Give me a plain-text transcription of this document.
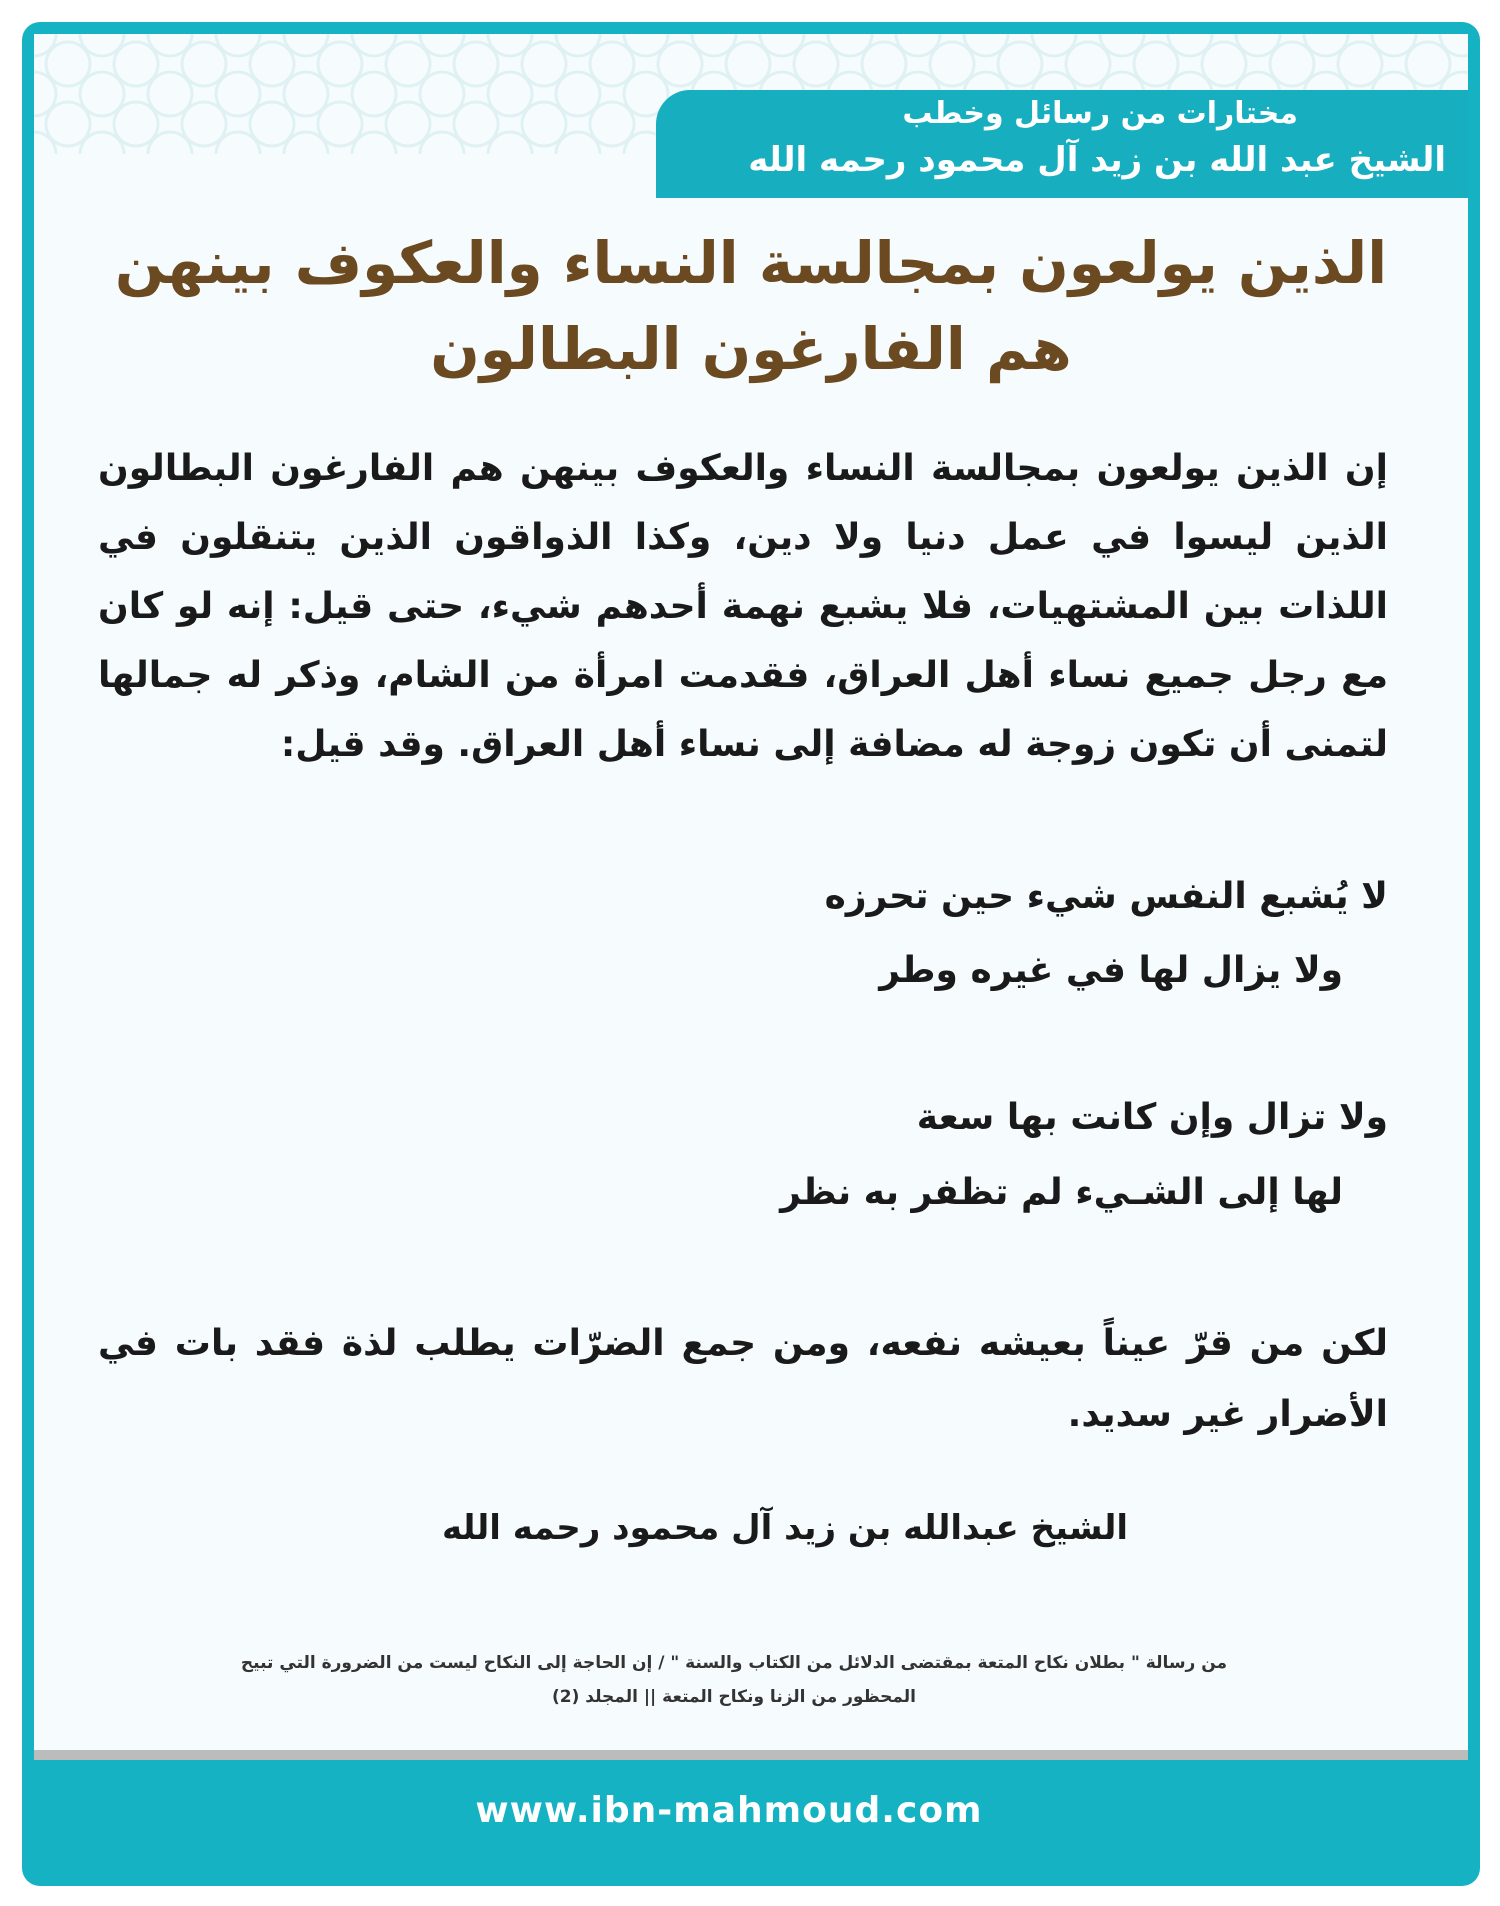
مختارات من رسائل وخطب
الشيخ عبد الله بن زيد آل محمود رحمه الله
الذين يولعون بمجالسة النساء والعكوف بينهن
هم الفارغون البطالون

إن الذين يولعون بمجالسة النساء والعكوف بينهن هم الفارغون البطالون الذين ليسوا في عمل دنيا ولا دين، وكذا الذواقون الذين يتنقلون في اللذات بين المشتهيات، فلا يشبع نهمة أحدهم شيء، حتى قيل: إنه لو كان مع رجل جميع نساء أهل العراق، فقدمت امرأة من الشام، وذكر له جمالها لتمنى أن تكون زوجة له مضافة إلى نساء أهل العراق. وقد قيل:

لا يُشبع النفس شيء حين تحرزه
ولا يزال لها في غيره وطر
ولا تزال وإن كانت بها سعة
لها إلى الشـيء لم تظفر به نظر

لكن من قرّ عيناً بعيشه نفعه، ومن جمع الضرّات يطلب لذة فقد بات في الأضرار غير سديد.

الشيخ عبدالله بن زيد آل محمود رحمه الله
من رسالة " بطلان نكاح المتعة بمقتضى الدلائل من الكتاب والسنة " / إن الحاجة إلى النكاح ليست من الضرورة التي تبيح
المحظور من الزنا ونكاح المتعة || المجلد (2)
www.ibn-mahmoud.com
